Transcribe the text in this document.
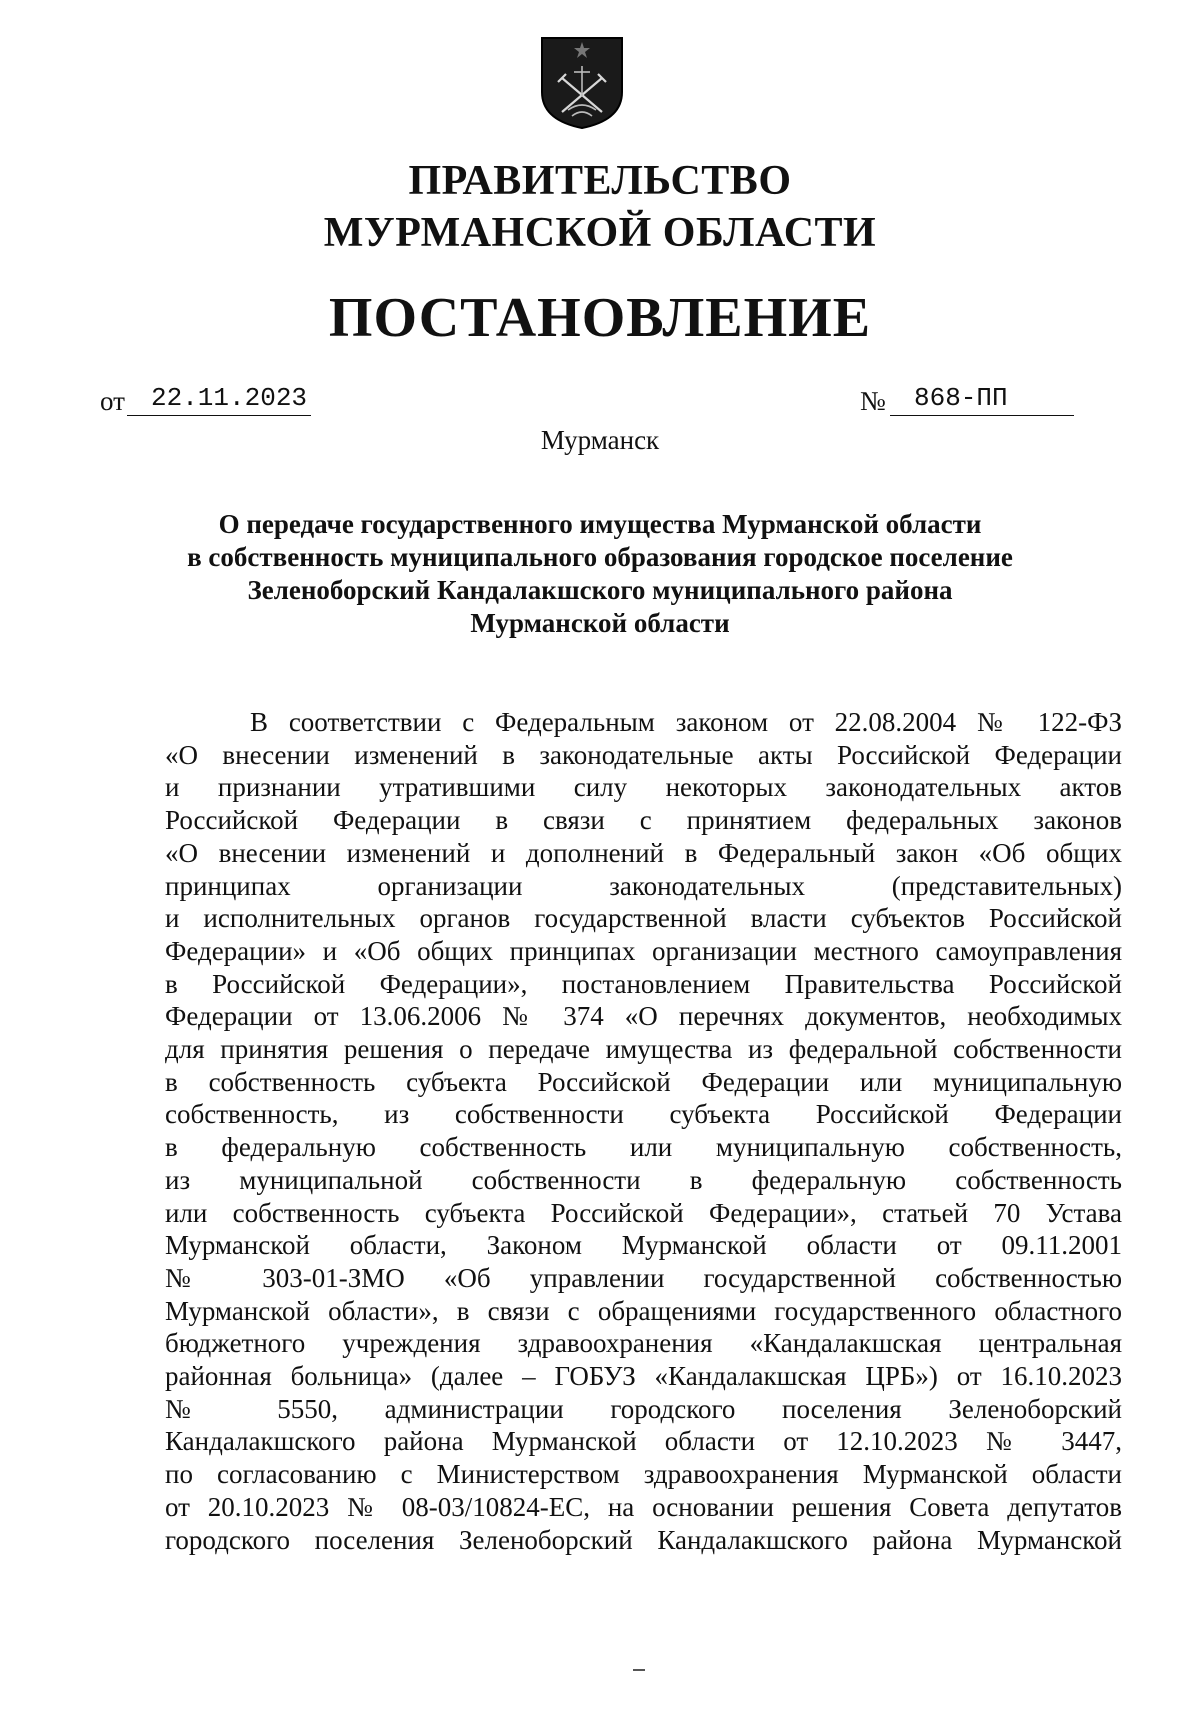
ПРАВИТЕЛЬСТВО
МУРМАНСКОЙ ОБЛАСТИ
ПОСТАНОВЛЕНИЕ
от	22.11.2023	№	868-ПП
Мурманск
О передаче государственного имущества Мурманской области
в собственность муниципального образования городское поселение
Зеленоборский Кандалакшского муниципального района
Мурманской области
В соответствии с Федеральным законом от 22.08.2004 № 122-ФЗ
«О внесении изменений в законодательные акты Российской Федерации
и признании утратившими силу некоторых законодательных актов
Российской Федерации в связи с принятием федеральных законов
«О внесении изменений и дополнений в Федеральный закон «Об общих
принципах организации законодательных (представительных)
и исполнительных органов государственной власти субъектов Российской
Федерации» и «Об общих принципах организации местного самоуправления
в Российской Федерации», постановлением Правительства Российской
Федерации от 13.06.2006 № 374 «О перечнях документов, необходимых
для принятия решения о передаче имущества из федеральной собственности
в собственность субъекта Российской Федерации или муниципальную
собственность, из собственности субъекта Российской Федерации
в федеральную собственность или муниципальную собственность,
из муниципальной собственности в федеральную собственность
или собственность субъекта Российской Федерации», статьей 70 Устава
Мурманской области, Законом Мурманской области от 09.11.2001
№ 303-01-ЗМО «Об управлении государственной собственностью
Мурманской области», в связи с обращениями государственного областного
бюджетного учреждения здравоохранения «Кандалакшская центральная
районная больница» (далее – ГОБУЗ «Кандалакшская ЦРБ») от 16.10.2023
№ 5550, администрации городского поселения Зеленоборский
Кандалакшского района Мурманской области от 12.10.2023 № 3447,
по согласованию с Министерством здравоохранения Мурманской области
от 20.10.2023 № 08-03/10824-ЕС, на основании решения Совета депутатов
городского поселения Зеленоборский Кандалакшского района Мурманской
